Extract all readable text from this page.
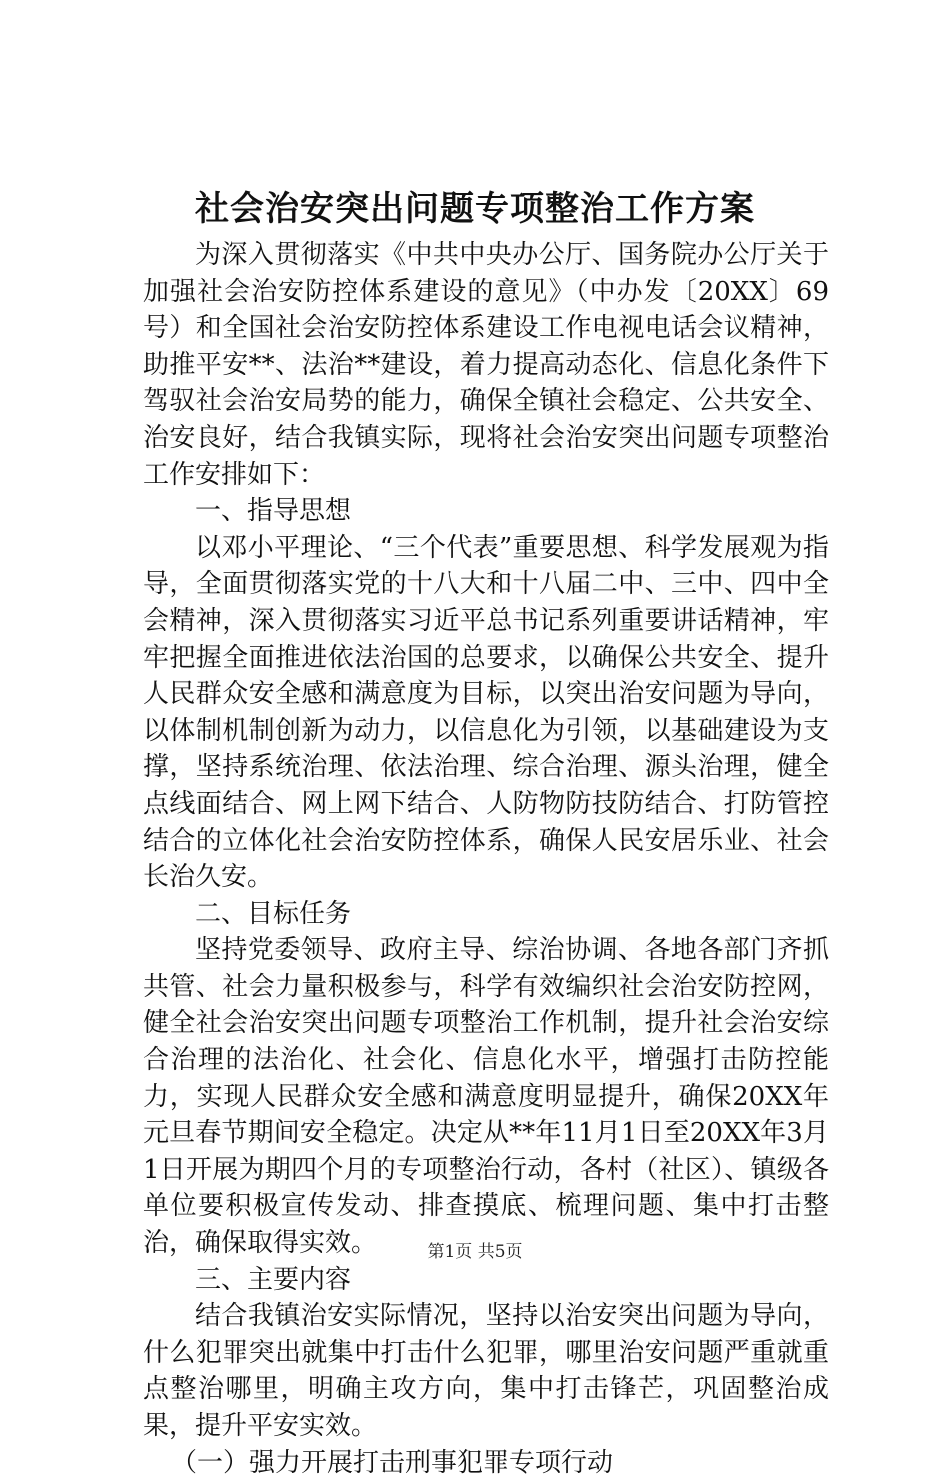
社会治安突出问题专项整治工作方案

为深入贯彻落实《中共中央办公厅、国务院办公厅关于加强社会治安防控体系建设的意见》（中办发〔20XX〕69号）和全国社会治安防控体系建设工作电视电话会议精神，助推平安**、法治**建设，着力提高动态化、信息化条件下驾驭社会治安局势的能力，确保全镇社会稳定、公共安全、治安良好，结合我镇实际，现将社会治安突出问题专项整治工作安排如下：

一、指导思想

以邓小平理论、“三个代表”重要思想、科学发展观为指导，全面贯彻落实党的十八大和十八届二中、三中、四中全会精神，深入贯彻落实习近平总书记系列重要讲话精神，牢牢把握全面推进依法治国的总要求，以确保公共安全、提升人民群众安全感和满意度为目标，以突出治安问题为导向，以体制机制创新为动力，以信息化为引领，以基础建设为支撑，坚持系统治理、依法治理、综合治理、源头治理，健全点线面结合、网上网下结合、人防物防技防结合、打防管控结合的立体化社会治安防控体系，确保人民安居乐业、社会长治久安。

二、目标任务

坚持党委领导、政府主导、综治协调、各地各部门齐抓共管、社会力量积极参与，科学有效编织社会治安防控网，健全社会治安突出问题专项整治工作机制，提升社会治安综合治理的法治化、社会化、信息化水平，增强打击防控能力，实现人民群众安全感和满意度明显提升，确保20XX年元旦春节期间安全稳定。决定从**年11月1日至20XX年3月1日开展为期四个月的专项整治行动，各村（社区）、镇级各单位要积极宣传发动、排查摸底、梳理问题、集中打击整治，确保取得实效。

三、主要内容

结合我镇治安实际情况，坚持以治安突出问题为导向，什么犯罪突出就集中打击什么犯罪，哪里治安问题严重就重点整治哪里，明确主攻方向，集中打击锋芒，巩固整治成果，提升平安实效。

（一）强力开展打击刑事犯罪专项行动

第1页 共5页
